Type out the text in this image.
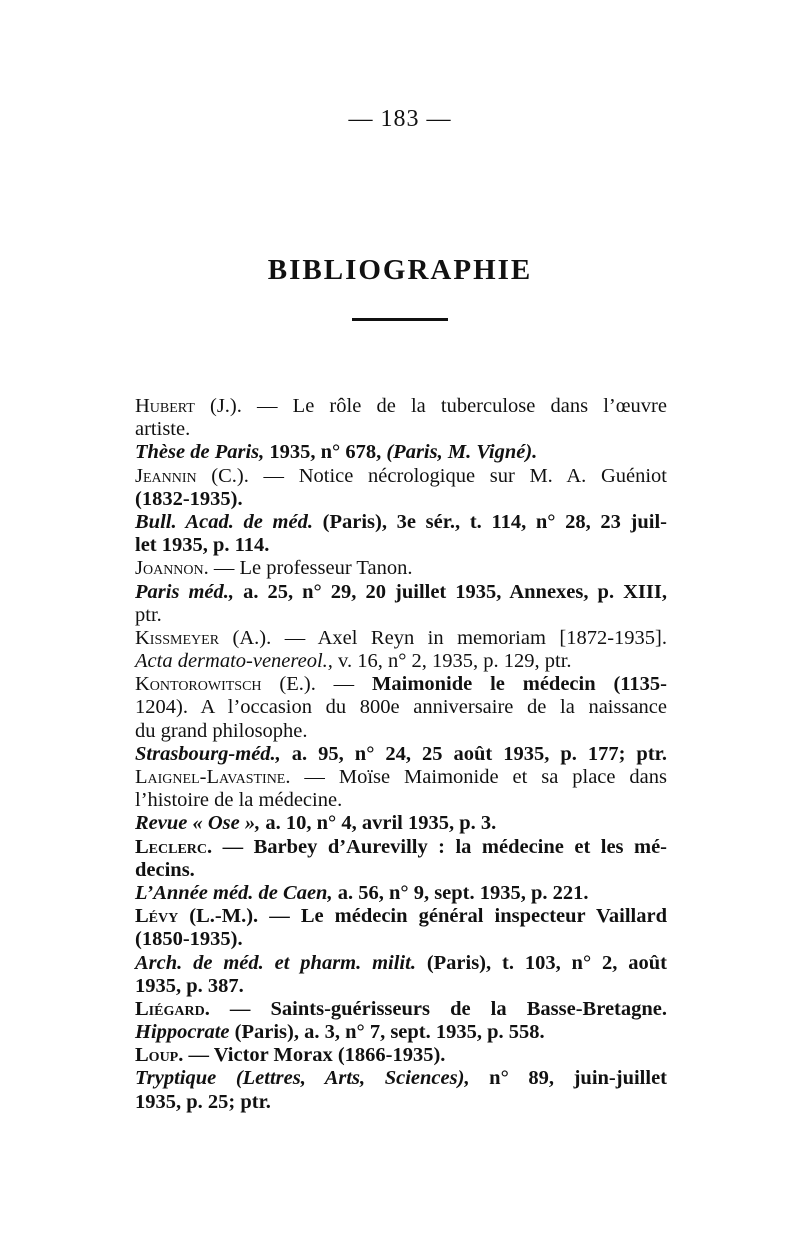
— 183 —
BIBLIOGRAPHIE
Hubert (J.). — Le rôle de la tuberculose dans l’œuvre
artiste.
Thèse de Paris, 1935, n° 678, (Paris, M. Vigné).
Jeannin (C.). — Notice nécrologique sur M. A. Guéniot
(1832-1935).
Bull. Acad. de méd. (Paris), 3e sér., t. 114, n° 28, 23 juil-
let 1935, p. 114.
Joannon. — Le professeur Tanon.
Paris méd., a. 25, n° 29, 20 juillet 1935, Annexes, p. XIII,
ptr.
Kissmeyer (A.). — Axel Reyn in memoriam [1872-1935].
Acta dermato-venereol., v. 16, n° 2, 1935, p. 129, ptr.
Kontorowitsch (E.). — Maimonide le médecin (1135-
1204). A l’occasion du 800e anniversaire de la naissance
du grand philosophe.
Strasbourg-méd., a. 95, n° 24, 25 août 1935, p. 177; ptr.
Laignel-Lavastine. — Moïse Maimonide et sa place dans
l’histoire de la médecine.
Revue « Ose », a. 10, n° 4, avril 1935, p. 3.
Leclerc. — Barbey d’Aurevilly : la médecine et les mé-
decins.
L’Année méd. de Caen, a. 56, n° 9, sept. 1935, p. 221.
Lévy (L.-M.). — Le médecin général inspecteur Vaillard
(1850-1935).
Arch. de méd. et pharm. milit. (Paris), t. 103, n° 2, août
1935, p. 387.
Liégard. — Saints-guérisseurs de la Basse-Bretagne.
Hippocrate (Paris), a. 3, n° 7, sept. 1935, p. 558.
Loup. — Victor Morax (1866-1935).
Tryptique (Lettres, Arts, Sciences), n° 89, juin-juillet
1935, p. 25; ptr.
